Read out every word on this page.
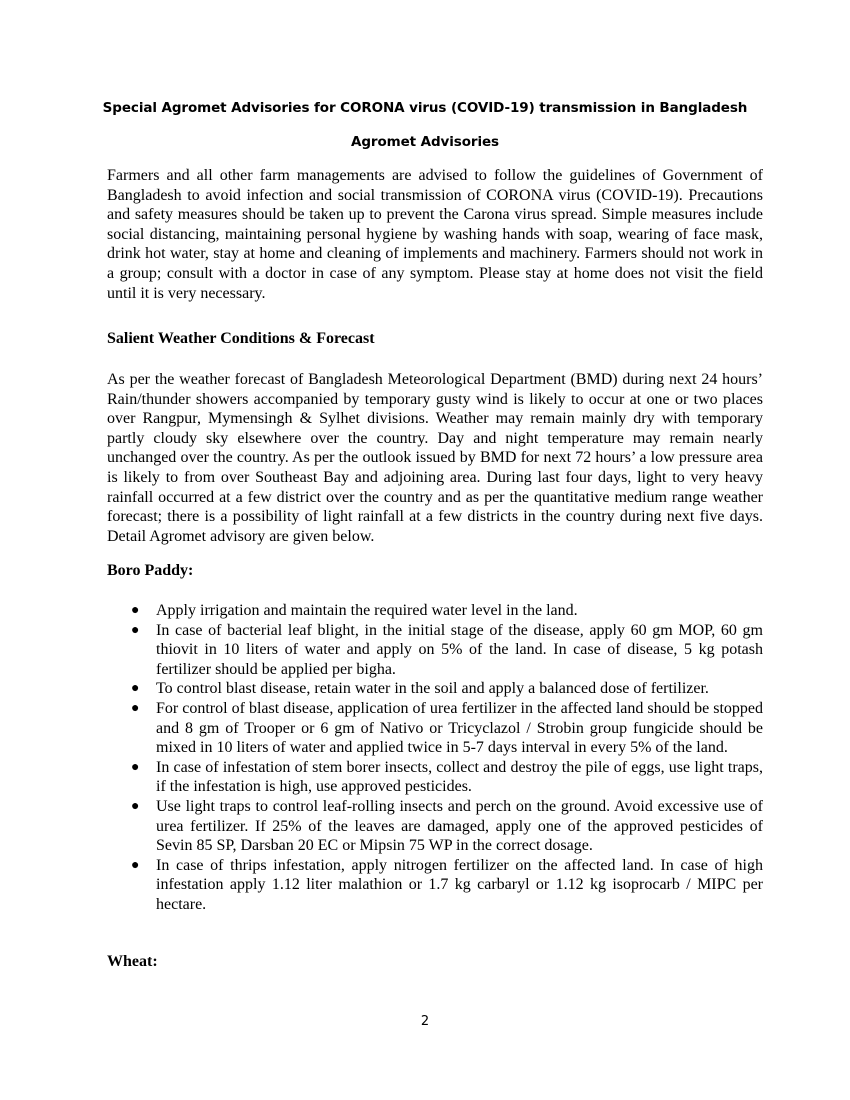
Special Agromet Advisories for CORONA virus (COVID-19) transmission in Bangladesh
Agromet Advisories

Farmers and all other farm managements are advised to follow the guidelines of Government of Bangladesh to avoid infection and social transmission of CORONA virus (COVID-19). Precautions and safety measures should be taken up to prevent the Carona virus spread. Simple measures include social distancing, maintaining personal hygiene by washing hands with soap, wearing of face mask, drink hot water, stay at home and cleaning of implements and machinery. Farmers should not work in a group; consult with a doctor in case of any symptom. Please stay at home does not visit the field until it is very necessary.

Salient Weather Conditions & Forecast

As per the weather forecast of Bangladesh Meteorological Department (BMD) during next 24 hours’ Rain/thunder showers accompanied by temporary gusty wind is likely to occur at one or two places over Rangpur, Mymensingh & Sylhet divisions. Weather may remain mainly dry with temporary partly cloudy sky elsewhere over the country. Day and night temperature may remain nearly unchanged over the country. As per the outlook issued by BMD for next 72 hours’ a low pressure area is likely to from over Southeast Bay and adjoining area. During last four days, light to very heavy rainfall occurred at a few district over the country and as per the quantitative medium range weather forecast; there is a possibility of light rainfall at a few districts in the country during next five days. Detail Agromet advisory are given below.

Boro Paddy:
● Apply irrigation and maintain the required water level in the land.
● In case of bacterial leaf blight, in the initial stage of the disease, apply 60 gm MOP, 60 gm thiovit in 10 liters of water and apply on 5% of the land. In case of disease, 5 kg potash fertilizer should be applied per bigha.
● To control blast disease, retain water in the soil and apply a balanced dose of fertilizer.
● For control of blast disease, application of urea fertilizer in the affected land should be stopped and 8 gm of Trooper or 6 gm of Nativo or Tricyclazol / Strobin group fungicide should be mixed in 10 liters of water and applied twice in 5-7 days interval in every 5% of the land.
● In case of infestation of stem borer insects, collect and destroy the pile of eggs, use light traps, if the infestation is high, use approved pesticides.
● Use light traps to control leaf-rolling insects and perch on the ground. Avoid excessive use of urea fertilizer. If 25% of the leaves are damaged, apply one of the approved pesticides of Sevin 85 SP, Darsban 20 EC or Mipsin 75 WP in the correct dosage.
● In case of thrips infestation, apply nitrogen fertilizer on the affected land. In case of high infestation apply 1.12 liter malathion or 1.7 kg carbaryl or 1.12 kg isoprocarb / MIPC per hectare.
Wheat:
2
